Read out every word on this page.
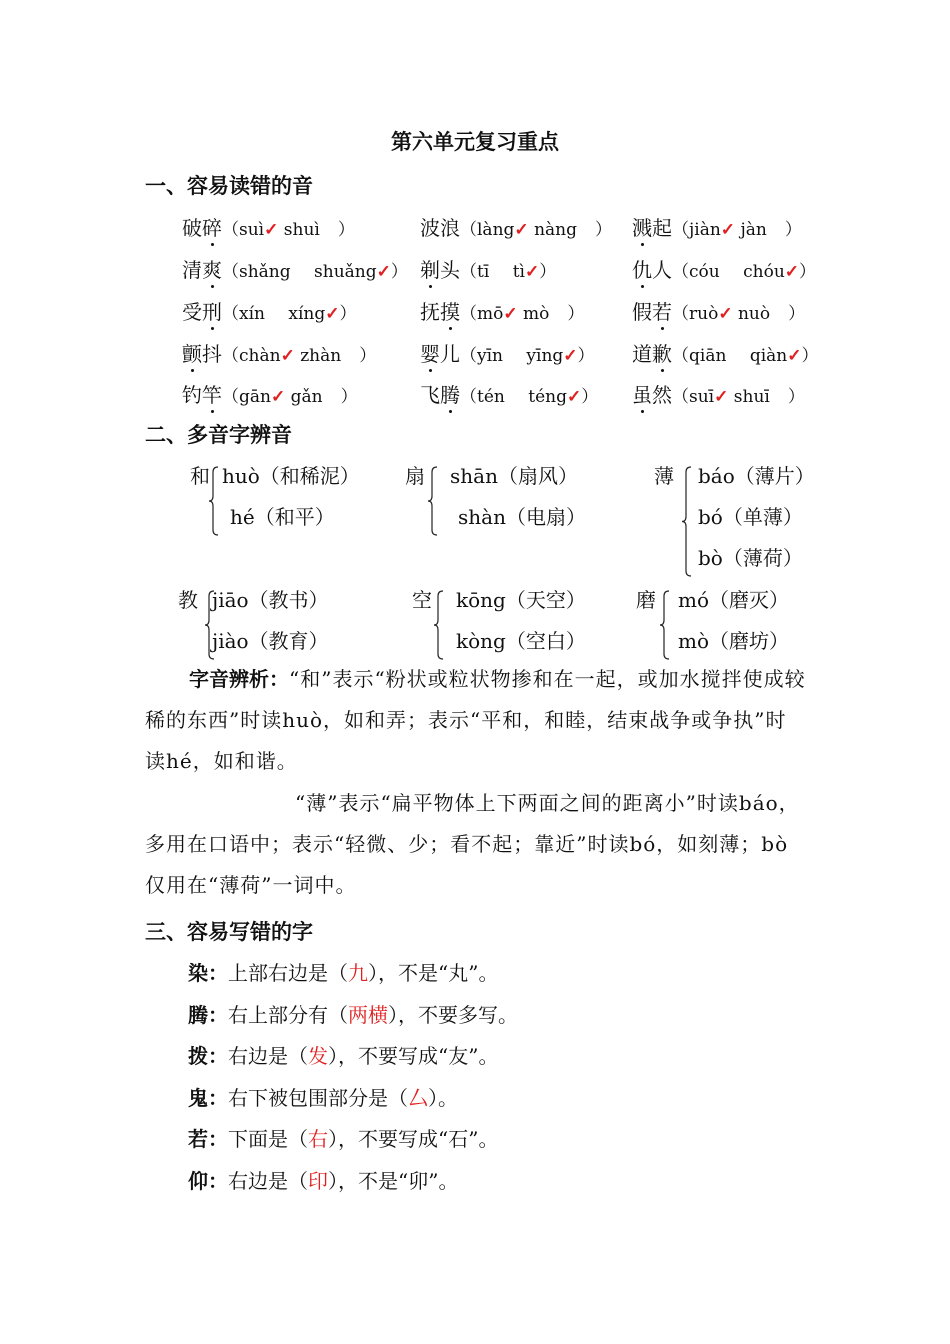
第六单元复习重点
一、容易读错的音
破碎（suì✓ shuì ）	波浪（làng✓ nàng ） 溅起（jiàn✓ jàn ）
清爽（shǎng shuǎng✓） 剃头（tī tì✓）	仇人（cóu chóu✓）
受刑（xín xíng✓）	抚摸（mō✓ mò ） 假若（ruò✓ nuò ）
颤抖（chàn✓ zhàn ） 婴儿（yīn yīng✓） 道歉（qiān qiàn✓）
钓竿（gān✓ gǎn ）	飞腾（tén téng✓） 虽然（suī✓ shuī ）
二、多音字辨音
和 huò（和稀泥）
hé（和平）
扇 shān（扇风）
shàn（电扇）
薄 báo（薄片）
bó（单薄）
bò（薄荷）
教 jiāo（教书）
jiào（教育）
空 kōng（天空）
kòng（空白）
磨 mó（磨灭）
mò（磨坊）
字音辨析：“和”表示“粉状或粒状物掺和在一起，或加水搅拌使成较稀的东西”时读huò，如和弄；表示“平和，和睦，结束战争或争执”时读hé，如和谐。
“薄”表示“扁平物体上下两面之间的距离小”时读báo，多用在口语中；表示“轻微、少；看不起；靠近”时读bó，如刻薄；bò仅用在“薄荷”一词中。
三、容易写错的字
染：上部右边是（九），不是“丸”。
腾：右上部分有（两横），不要多写。
拨：右边是（发），不要写成“友”。
鬼：右下被包围部分是（厶）。
若：下面是（右），不要写成“石”。
仰：右边是（印），不是“卯”。
